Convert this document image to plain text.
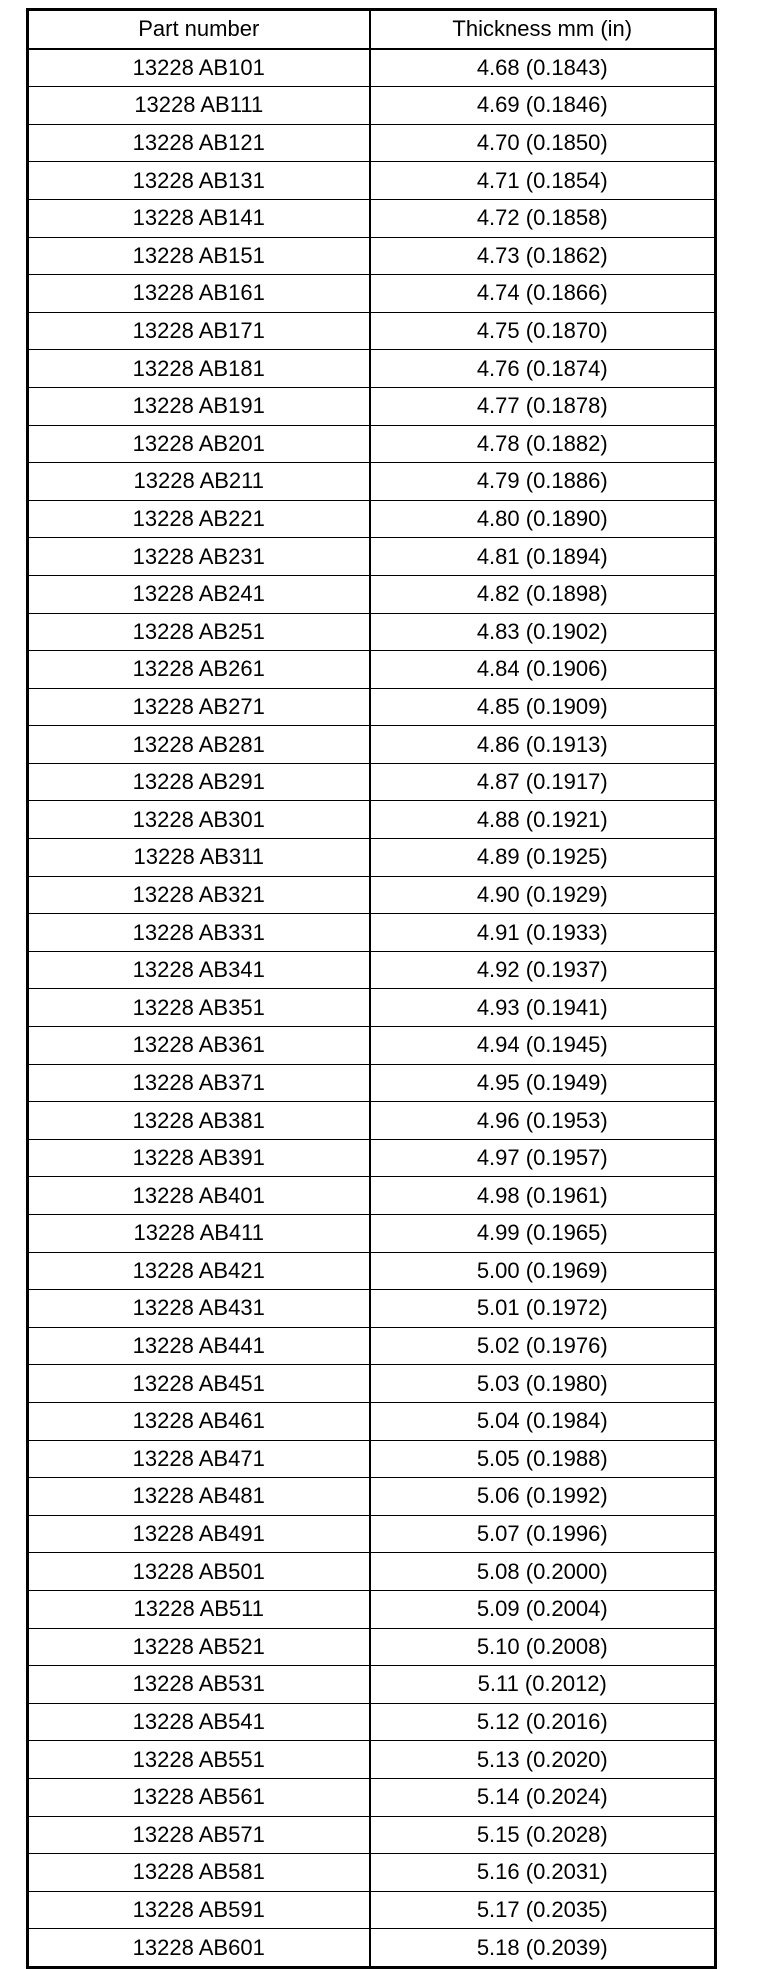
Part number	Thickness mm (in)
13228 AB101	4.68 (0.1843)
13228 AB111	4.69 (0.1846)
13228 AB121	4.70 (0.1850)
13228 AB131	4.71 (0.1854)
13228 AB141	4.72 (0.1858)
13228 AB151	4.73 (0.1862)
13228 AB161	4.74 (0.1866)
13228 AB171	4.75 (0.1870)
13228 AB181	4.76 (0.1874)
13228 AB191	4.77 (0.1878)
13228 AB201	4.78 (0.1882)
13228 AB211	4.79 (0.1886)
13228 AB221	4.80 (0.1890)
13228 AB231	4.81 (0.1894)
13228 AB241	4.82 (0.1898)
13228 AB251	4.83 (0.1902)
13228 AB261	4.84 (0.1906)
13228 AB271	4.85 (0.1909)
13228 AB281	4.86 (0.1913)
13228 AB291	4.87 (0.1917)
13228 AB301	4.88 (0.1921)
13228 AB311	4.89 (0.1925)
13228 AB321	4.90 (0.1929)
13228 AB331	4.91 (0.1933)
13228 AB341	4.92 (0.1937)
13228 AB351	4.93 (0.1941)
13228 AB361	4.94 (0.1945)
13228 AB371	4.95 (0.1949)
13228 AB381	4.96 (0.1953)
13228 AB391	4.97 (0.1957)
13228 AB401	4.98 (0.1961)
13228 AB411	4.99 (0.1965)
13228 AB421	5.00 (0.1969)
13228 AB431	5.01 (0.1972)
13228 AB441	5.02 (0.1976)
13228 AB451	5.03 (0.1980)
13228 AB461	5.04 (0.1984)
13228 AB471	5.05 (0.1988)
13228 AB481	5.06 (0.1992)
13228 AB491	5.07 (0.1996)
13228 AB501	5.08 (0.2000)
13228 AB511	5.09 (0.2004)
13228 AB521	5.10 (0.2008)
13228 AB531	5.11 (0.2012)
13228 AB541	5.12 (0.2016)
13228 AB551	5.13 (0.2020)
13228 AB561	5.14 (0.2024)
13228 AB571	5.15 (0.2028)
13228 AB581	5.16 (0.2031)
13228 AB591	5.17 (0.2035)
13228 AB601	5.18 (0.2039)
